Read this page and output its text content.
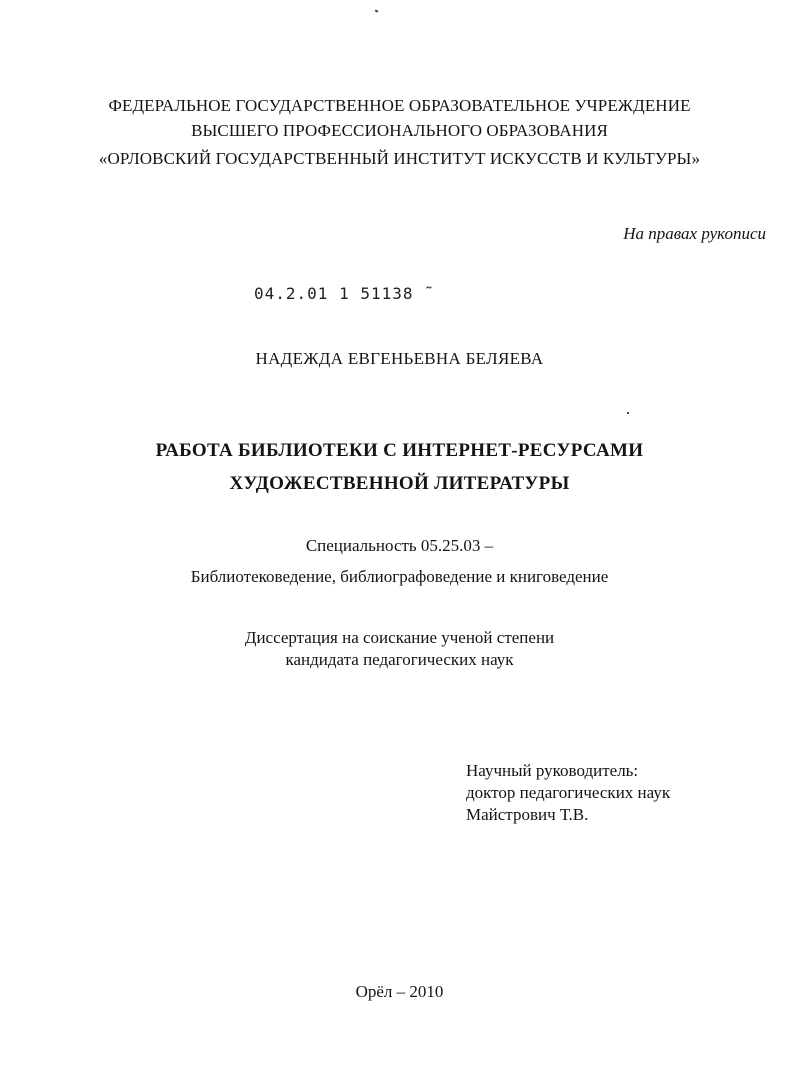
ФЕДЕРАЛЬНОЕ ГОСУДАРСТВЕННОЕ ОБРАЗОВАТЕЛЬНОЕ УЧРЕЖДЕНИЕ
ВЫСШЕГО ПРОФЕССИОНАЛЬНОГО ОБРАЗОВАНИЯ
«ОРЛОВСКИЙ ГОСУДАРСТВЕННЫЙ ИНСТИТУТ ИСКУССТВ И КУЛЬТУРЫ»
На правах рукописи
04.2.01 1 51138 ˜
НАДЕЖДА ЕВГЕНЬЕВНА БЕЛЯЕВА
РАБОТА БИБЛИОТЕКИ С ИНТЕРНЕТ-РЕСУРСАМИ
ХУДОЖЕСТВЕННОЙ ЛИТЕРАТУРЫ
Специальность 05.25.03 –
Библиотековедение, библиографоведение и книговедение
Диссертация на соискание ученой степени
кандидата педагогических наук
Научный руководитель:
доктор педагогических наук
Майстрович Т.В.
Орёл – 2010
